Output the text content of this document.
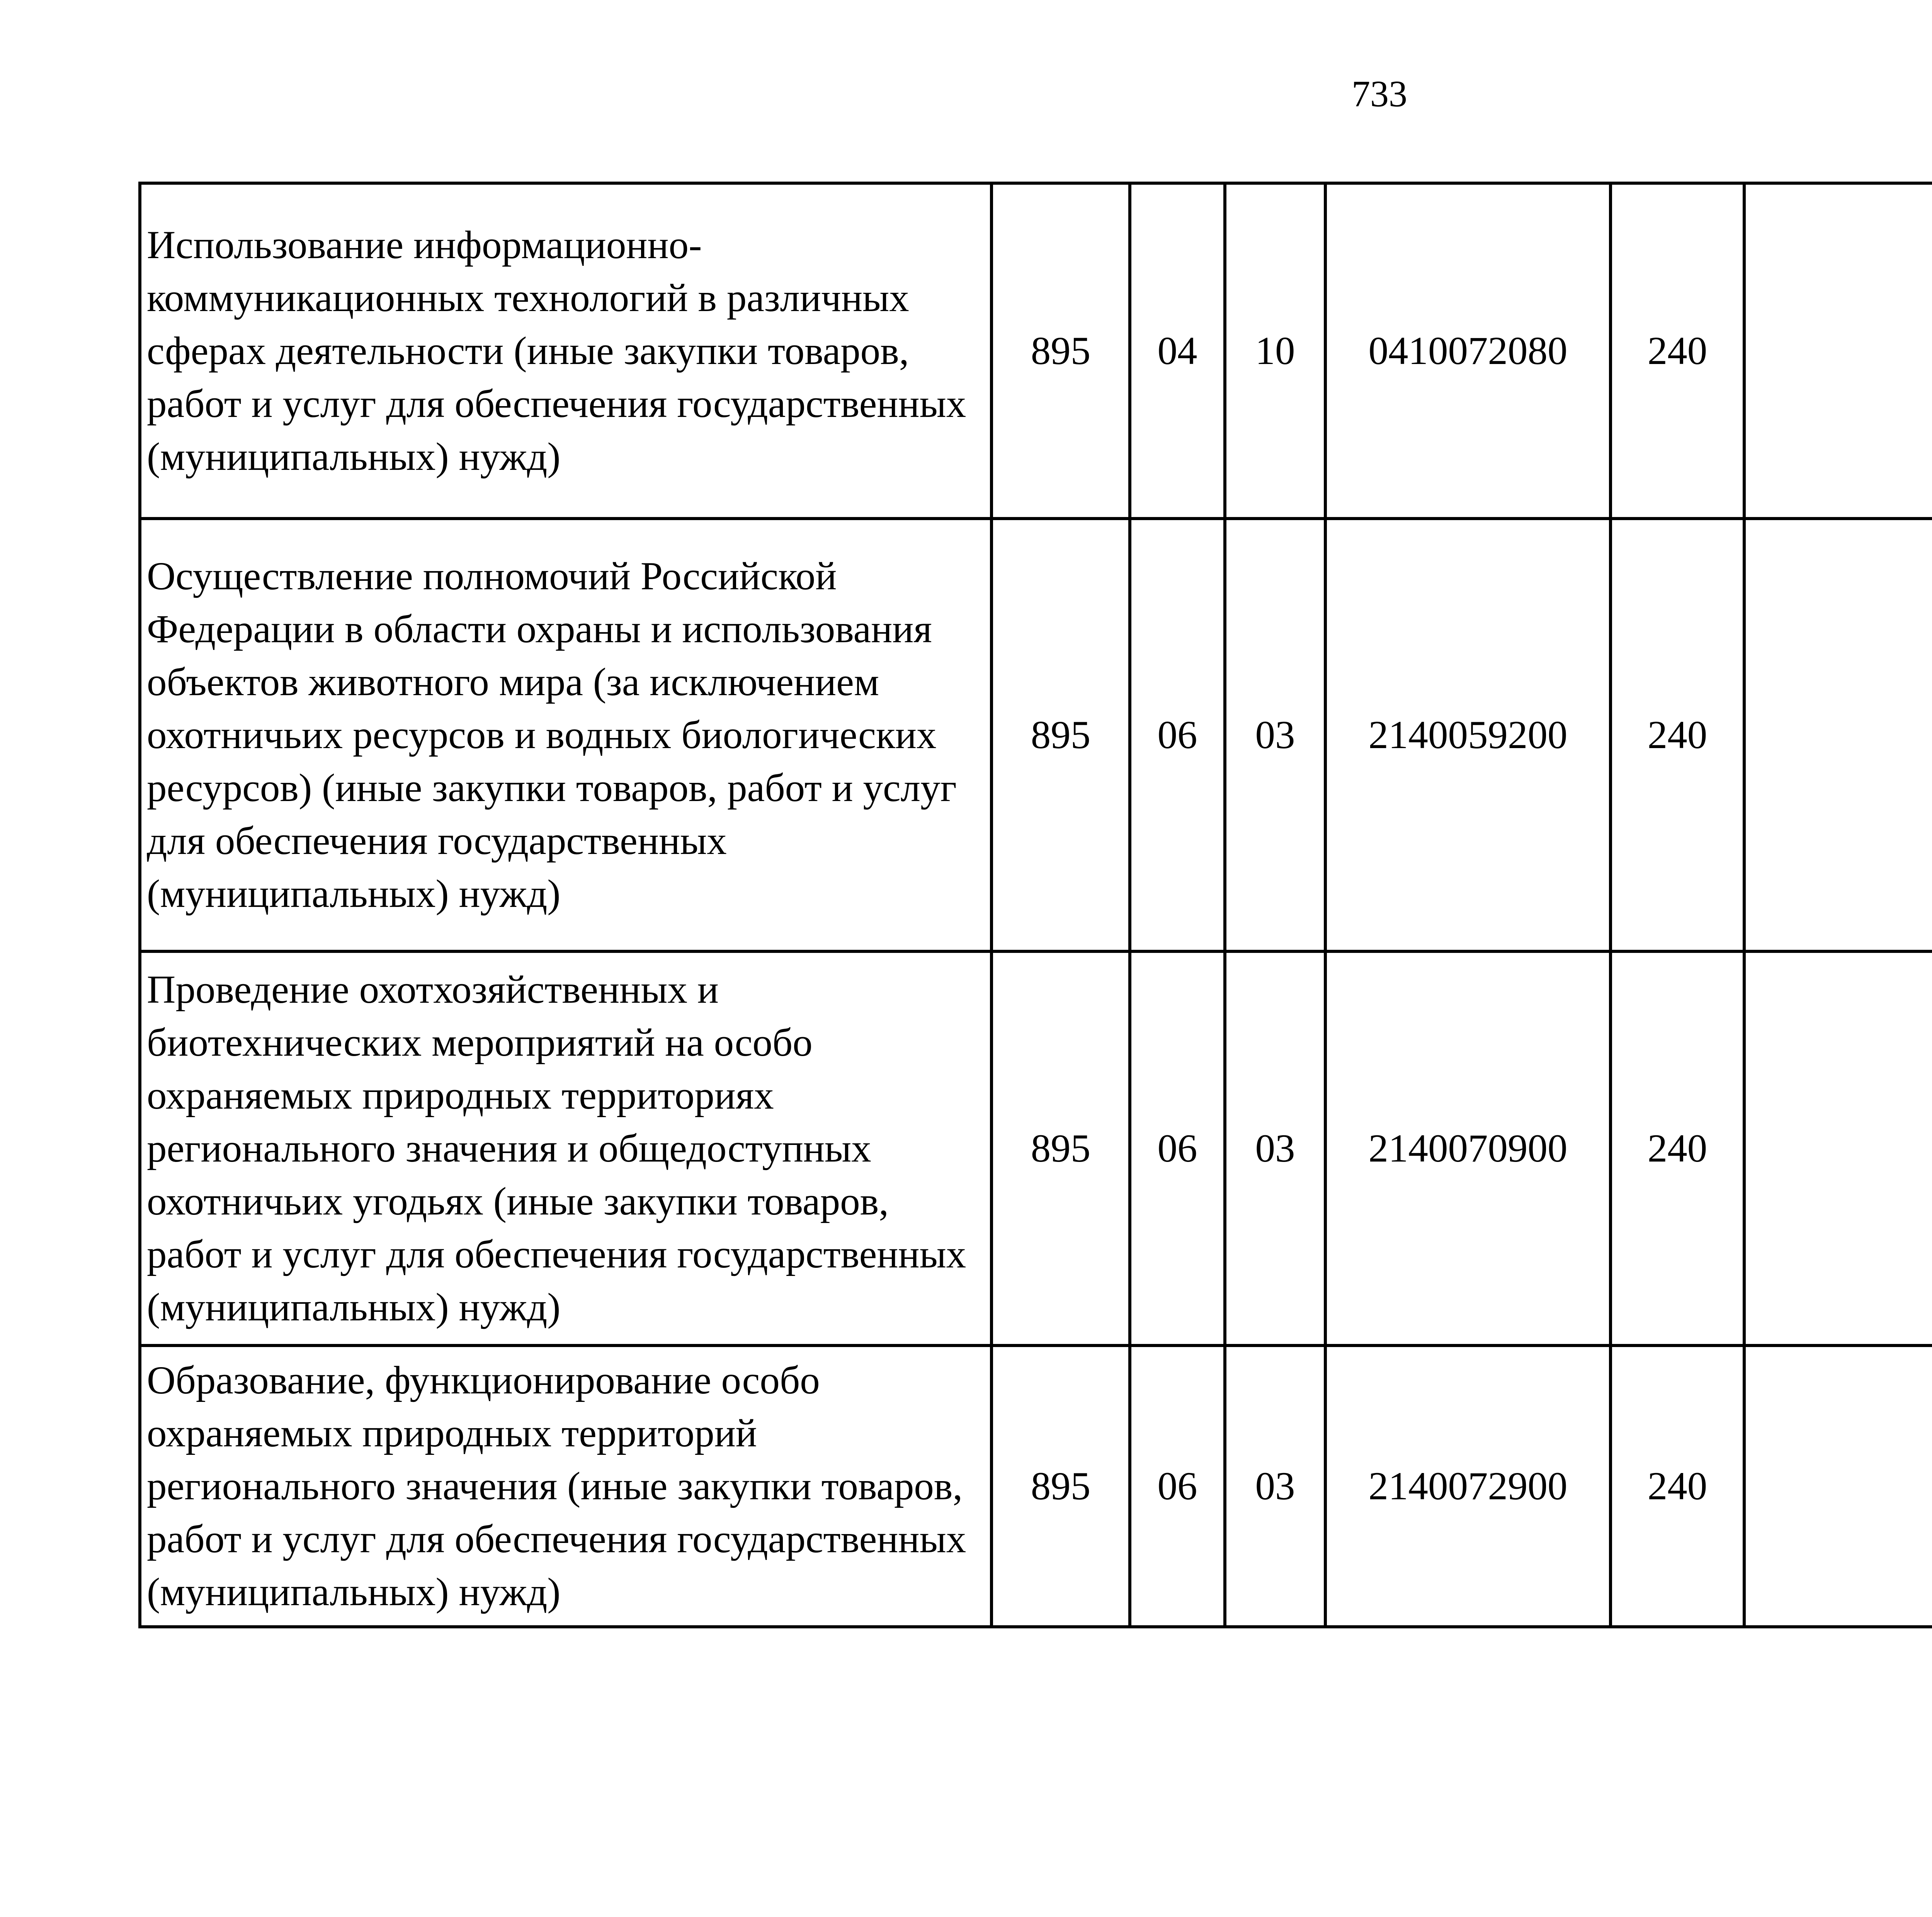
733
Использование информационно-коммуникационных технологий в различных сферах деятельности (иные закупки товаров, работ и услуг для обеспечения государственных (муниципальных) нужд)	895	04	10	0410072080	240			
Осуществление полномочий Российской Федерации в области охраны и использования объектов животного мира (за исключением охотничьих ресурсов и водных биологических ресурсов) (иные закупки товаров, работ и услуг для обеспечения государственных (муниципальных) нужд)	895	06	03	2140059200	240			
Проведение охотхозяйственных и биотехнических мероприятий на особо охраняемых природных территориях регионального значения и общедоступных охотничьих угодьях (иные закупки товаров, работ и услуг для обеспечения государственных (муниципальных) нужд)	895	06	03	2140070900	240			
Образование, функционирование особо охраняемых природных территорий регионального значения (иные закупки товаров, работ и услуг для обеспечения государственных (муниципальных) нужд)	895	06	03	2140072900	240			
